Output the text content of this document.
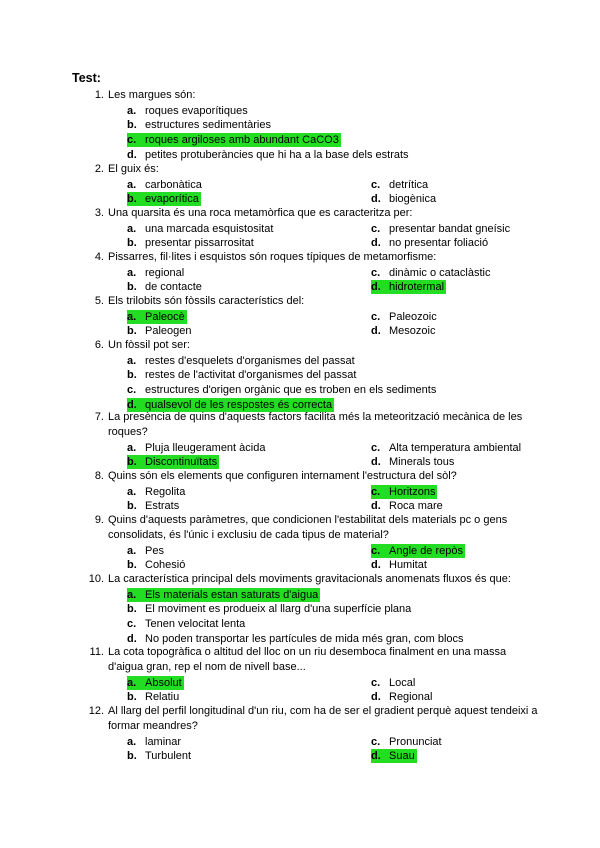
Test:
1. Les margues són:
a. roques evaporítiques
b. estructures sedimentàries
c. roques argiloses amb abundant CaCO3
d. petites protuberàncies que hi ha a la base dels estrats
2. El guix és:
a. carbonàtica	c. detrítica
b. evaporítica	d. biogènica
3. Una quarsita és una roca metamòrfica que es caracteritza per:
a. una marcada esquistositat	c. presentar bandat gneísic
b. presentar pissarrositat	d. no presentar foliació
4. Pissarres, fil·lites i esquistos són roques típiques de metamorfisme:
a. regional	c. dinàmic o cataclàstic
b. de contacte	d. hidrotermal
5. Els trilobits són fòssils característics del:
a. Paleocè	c. Paleozoic
b. Paleogen	d. Mesozoic
6. Un fòssil pot ser:
a. restes d'esquelets d'organismes del passat
b. restes de l'activitat d'organismes del passat
c. estructures d'origen orgànic que es troben en els sediments
d. qualsevol de les respostes és correcta
7. La presència de quins d'aquests factors facilita més la meteorització mecànica de les roques?
a. Pluja lleugerament àcida	c. Alta temperatura ambiental
b. Discontinuïtats	d. Minerals tous
8. Quins són els elements que configuren internament l'estructura del sòl?
a. Regolita	c. Horitzons
b. Estrats	d. Roca mare
9. Quins d'aquests paràmetres, que condicionen l'estabilitat dels materials pc o gens consolidats, és l'únic i exclusiu de cada tipus de material?
a. Pes	c. Angle de repòs
b. Cohesió	d. Humitat
10. La característica principal dels moviments gravitacionals anomenats fluxos és que:
a. Els materials estan saturats d'aigua
b. El moviment es produeix al llarg d'una superfície plana
c. Tenen velocitat lenta
d. No poden transportar les partícules de mida més gran, com blocs
11. La cota topogràfica o altitud del lloc on un riu desemboca finalment en una massa d'aigua gran, rep el nom de nivell base...
a. Absolut	c. Local
b. Relatiu	d. Regional
12. Al llarg del perfil longitudinal d'un riu, com ha de ser el gradient perquè aquest tendeixi a formar meandres?
a. laminar	c. Pronunciat
b. Turbulent	d. Suau
